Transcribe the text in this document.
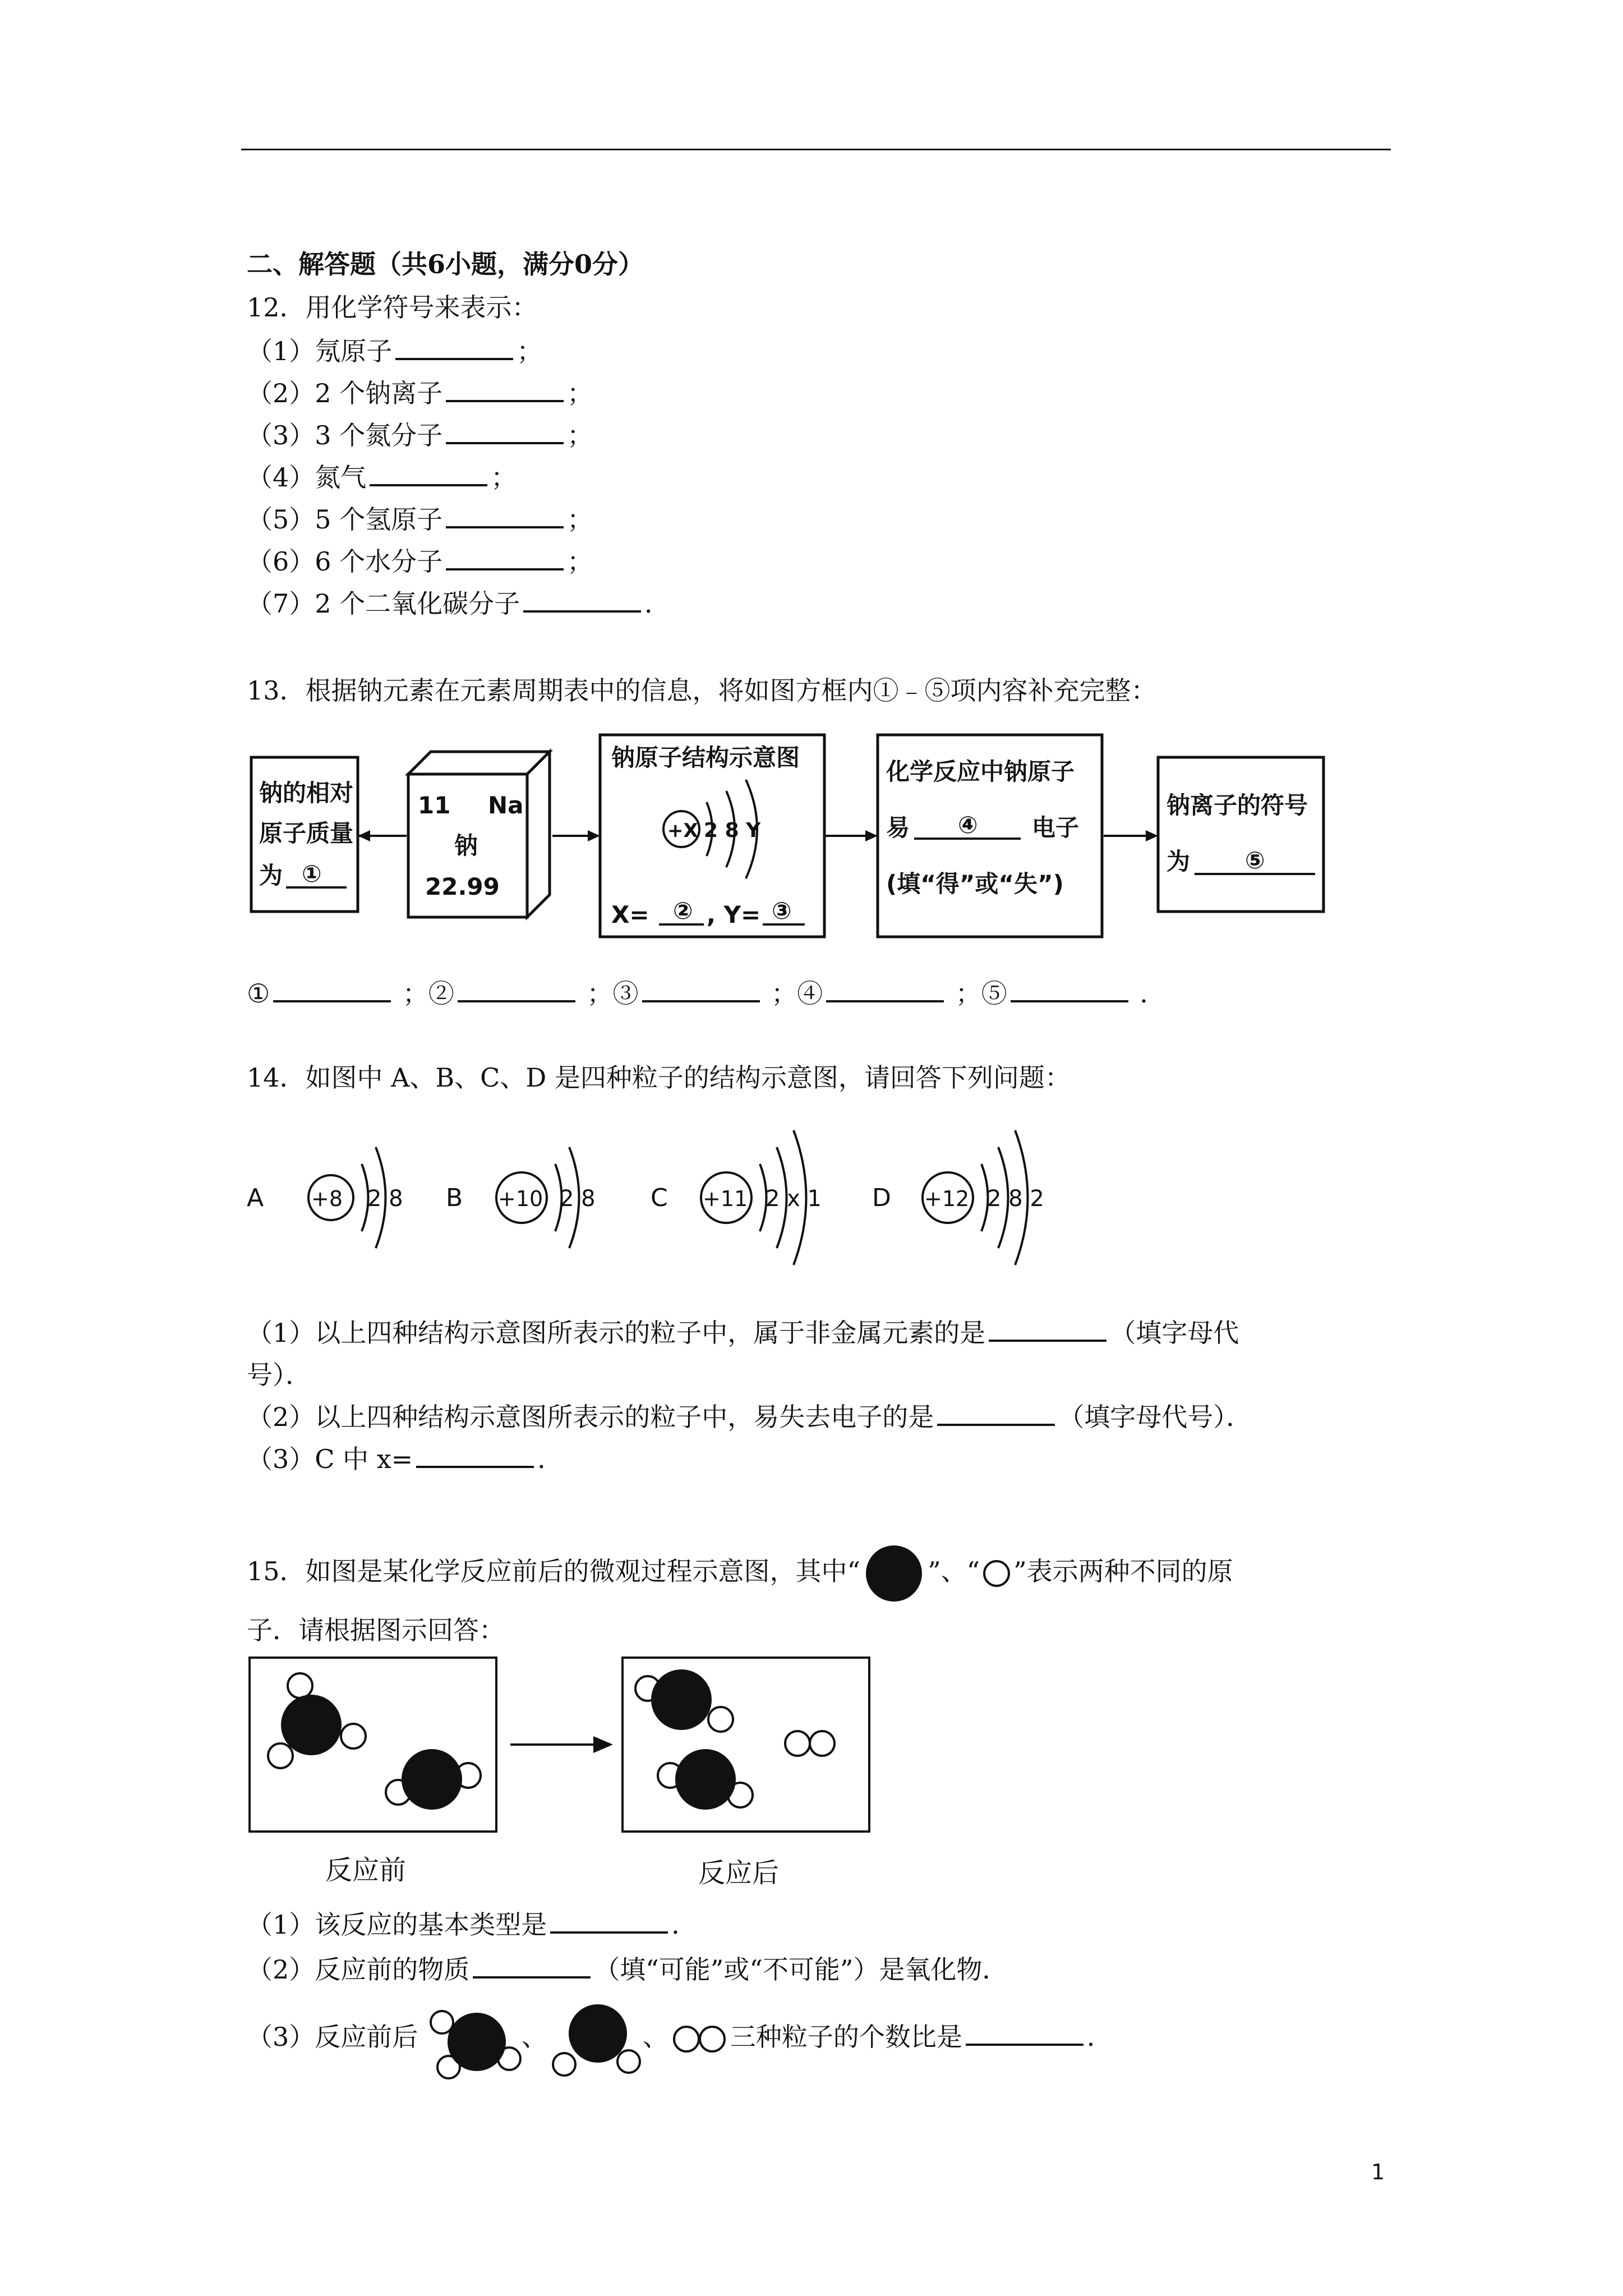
二、解答题（共6小题，满分0分）
12．用化学符号来表示：
（1）氖原子	；
（2）2 个钠离子	；
（3）3 个氮分子	；
（4）氮气	；
（5）5 个氢原子	；
（6）6 个水分子	；
（7）2 个二氧化碳分子	．
13．根据钠元素在元素周期表中的信息，将如图方框内①﹣⑤项内容补充完整：
钠的相对
原子质量
为 ①
11 Na
钠
22.99
钠原子结构示意图
+X 2 8 Y
X= ② , Y= ③
化学反应中钠原子
易 ④ 电子
(填“得”或“失”)
钠离子的符号
为 ⑤
①	；②	；③	；④	；⑤	．
14．如图中 A、B、C、D 是四种粒子的结构示意图，请回答下列问题：
A +8 2 8 B +10 2 8 C +11 2 x 1 D +12 2 8 2
（1）以上四种结构示意图所表示的粒子中，属于非金属元素的是	（填字母代
号）．
（2）以上四种结构示意图所表示的粒子中，易失去电子的是	（填字母代号）．
（3）C 中 x=	．
15．如图是某化学反应前后的微观过程示意图，其中“	”、“ ”表示两种不同的原
子．请根据图示回答：
反应前	反应后
（1）该反应的基本类型是	．
（2）反应前的物质	（填“可能”或“不可能”）是氧化物．
（3）反应前后	、	、 三种粒子的个数比是	．
1
